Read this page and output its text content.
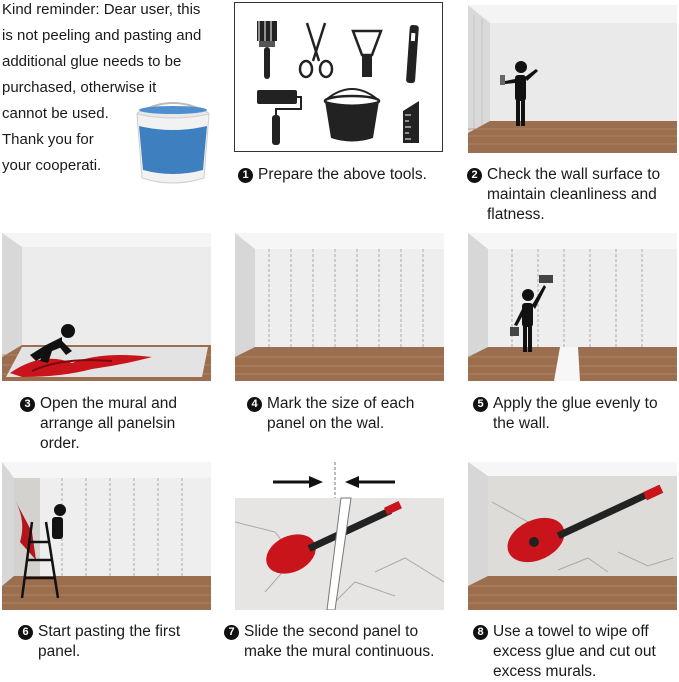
Kind reminder: Dear user, this

is not peeling and pasting and

additional glue needs to be

purchased, otherwise it

cannot be used.

Thank you for

your cooperati.

1 Prepare the above tools.	2 Check the wall surface to
maintain cleanliness and
flatness.
3 Open the mural and
arrange all panelsin
order.
4 Mark the size of each
panel on the wal.
5 Apply the glue evenly to
the wall.
6 Start pasting the first
panel.
7 Slide the second panel to
make the mural continuous.
8 Use a towel to wipe off
excess glue and cut out
excess murals.
